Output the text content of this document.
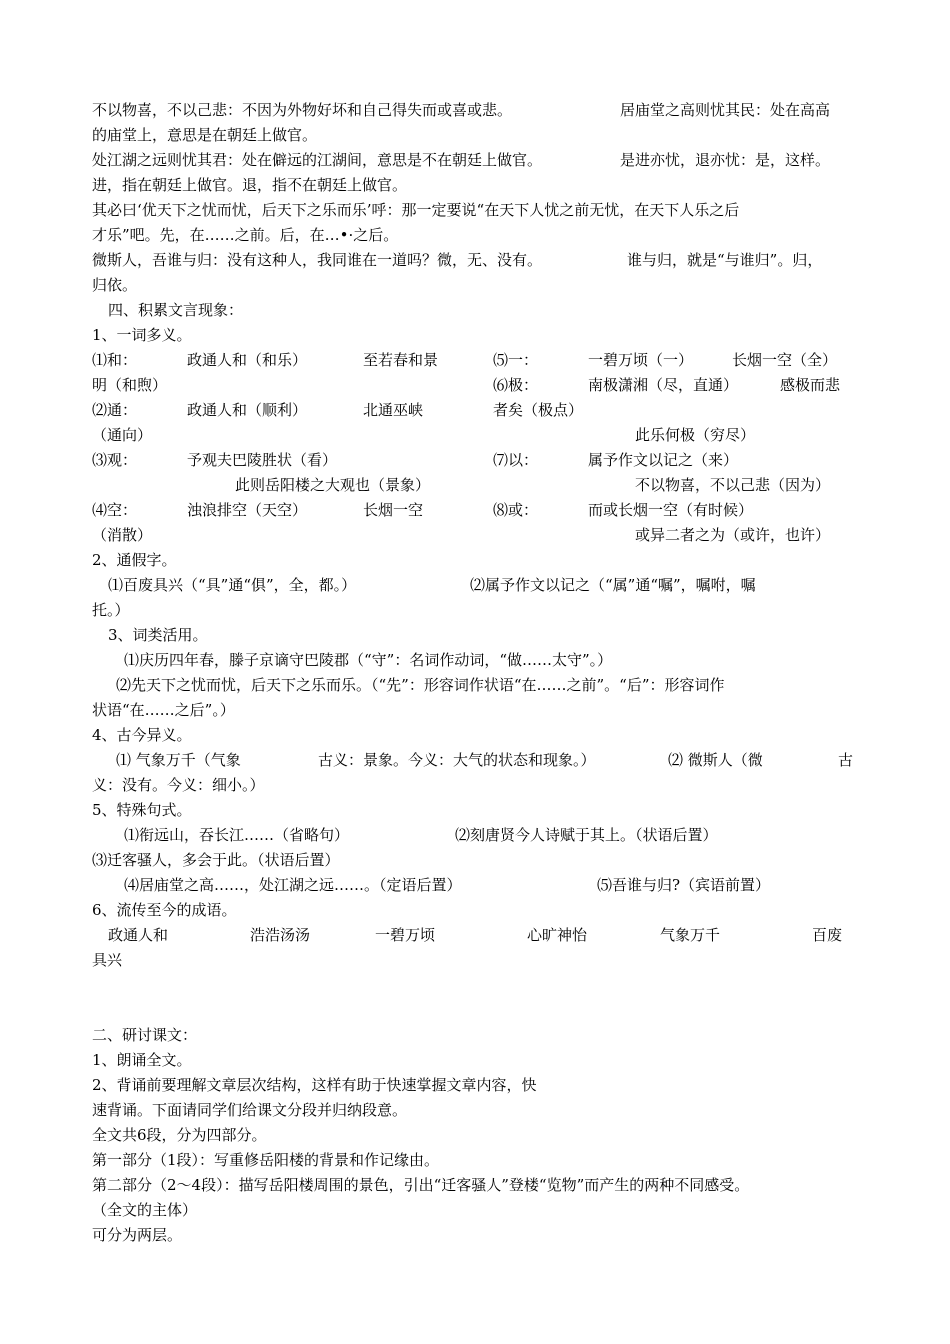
不以物喜，不以己悲：不因为外物好坏和自己得失而或喜或悲。	居庙堂之高则忧其民：处在高高
的庙堂上，意思是在朝廷上做官。
处江湖之远则忧其君：处在僻远的江湖间，意思是不在朝廷上做官。	是进亦忧，退亦忧：是，这样。
进，指在朝廷上做官。退，指不在朝廷上做官。
其必曰‘优天下之忧而忧，后天下之乐而乐’呼：那一定要说“在天下人忧之前无忧，在天下人乐之后
才乐”吧。先，在……之前。后，在…•·之后。
微斯人，吾谁与归：没有这种人，我同谁在一道吗？微，无、没有。	谁与归，就是“与谁归”。归，
归依。
四、积累文言现象：
1、一词多义。
⑴和：	政通人和（和乐）	至若春和景	⑸一：	一碧万顷（一）	长烟一空（全）
明（和煦）	⑹极：	南极潇湘（尽，直通）	感极而悲
⑵通：	政通人和（顺利）	北通巫峡	者矣（极点）
（通向）	此乐何极（穷尽）
⑶观：	予观夫巴陵胜状（看）	⑺以：	属予作文以记之（来）
此则岳阳楼之大观也（景象）	不以物喜，不以己悲（因为）
⑷空：	浊浪排空（天空）	长烟一空	⑻或：	而或长烟一空（有时候）
（消散）	或异二者之为（或许，也许）
2、通假字。
⑴百废具兴（“具”通“俱”，全，都。）	⑵属予作文以记之（“属”通“嘱”，嘱咐，嘱
托。）
3、词类活用。
⑴庆历四年春，滕子京谪守巴陵郡（“守”：名词作动词，“做……太守”。）
⑵先天下之忧而忧，后天下之乐而乐。（“先”：形容词作状语“在……之前”。“后”：形容词作
状语“在……之后”。）
4、古今异义。
⑴ 气象万千（气象	古义：景象。今义：大气的状态和现象。）	⑵ 微斯人（微	古
义：没有。今义：细小。）
5、特殊句式。
⑴衔远山，吞长江……（省略句）	⑵刻唐贤今人诗赋于其上。（状语后置）
⑶迁客骚人，多会于此。（状语后置）
⑷居庙堂之高……，处江湖之远……。（定语后置）	⑸吾谁与归?（宾语前置）
6、流传至今的成语。
政通人和	浩浩汤汤	一碧万顷	心旷神怡	气象万千	百废
具兴
二、研讨课文：
1、朗诵全文。
2、背诵前要理解文章层次结构，这样有助于快速掌握文章内容，快
速背诵。下面请同学们给课文分段并归纳段意。
全文共6段，分为四部分。
第一部分（1段）：写重修岳阳楼的背景和作记缘由。
第二部分（2～4段）：描写岳阳楼周围的景色，引出“迁客骚人”登楼“览物”而产生的两种不同感受。
（全文的主体）
可分为两层。
